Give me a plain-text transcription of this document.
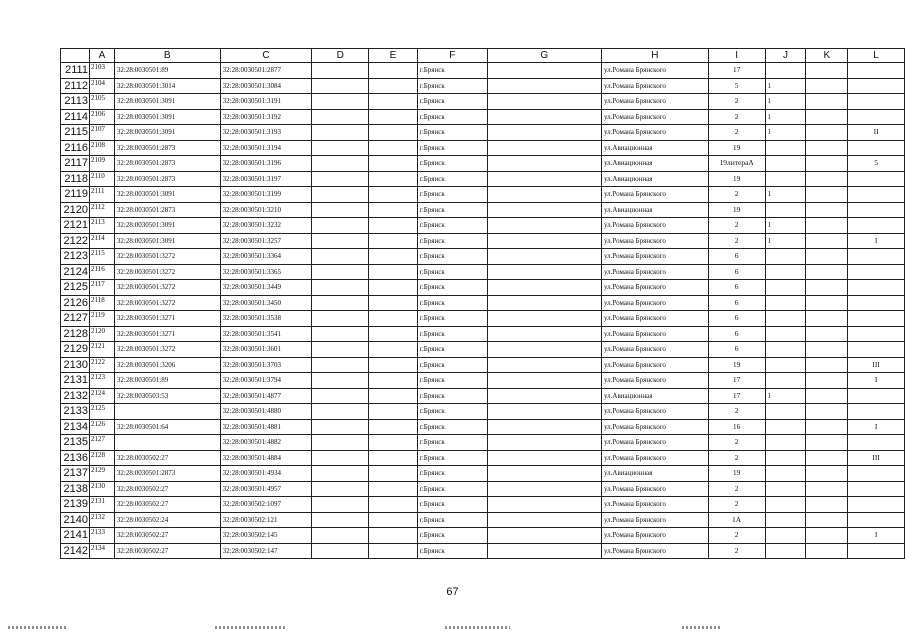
	A	B	C	D	E	F	G	H	I	J	K	L
2111	2103	32:28:0030501:89	32:28:0030501:2877			г.Брянск		ул.Романа Брянского	17			
2112	2104	32:28:0030501:3014	32:28:0030501:3084			г.Брянск		ул.Романа Брянского	5	1		
2113	2105	32:28:0030501:3091	32:28:0030501:3191			г.Брянск		ул.Романа Брянского	2	1		
2114	2106	32:28:0030501:3091	32:28:0030501:3192			г.Брянск		ул.Романа Брянского	2	1		
2115	2107	32:28:0030501:3091	32:28:0030501:3193			г.Брянск		ул.Романа Брянского	2	1		II
2116	2108	32:28:0030501:2873	32:28:0030501:3194			г.Брянск		ул.Авиационная	19			
2117	2109	32:28:0030501:2873	32:28:0030501:3196			г.Брянск		ул.Авиационная	19литераА			5
2118	2110	32:28:0030501:2873	32:28:0030501:3197			г.Брянск		ул.Авиационная	19			
2119	2111	32:28:0030501:3091	32:28:0030501:3199			г.Брянск		ул.Романа Брянского	2	1		
2120	2112	32:28:0030501:2873	32:28:0030501:3210			г.Брянск		ул.Авиационная	19			
2121	2113	32:28:0030501:3091	32:28:0030501:3232			г.Брянск		ул.Романа Брянского	2	1		
2122	2114	32:28:0030501:3091	32:28:0030501:3257			г.Брянск		ул.Романа Брянского	2	1		I
2123	2115	32:28:0030501:3272	32:28:0030501:3364			г.Брянск		ул.Романа Брянского	6			
2124	2116	32:28:0030501:3272	32:28:0030501:3365			г.Брянск		ул.Романа Брянского	6			
2125	2117	32:28:0030501:3272	32:28:0030501:3449			г.Брянск		ул.Романа Брянского	6			
2126	2118	32:28:0030501:3272	32:28:0030501:3450			г.Брянск		ул.Романа Брянского	6			
2127	2119	32:28:0030501:3271	32:28:0030501:3538			г.Брянск		ул.Романа Брянского	6			
2128	2120	32:28:0030501:3271	32:28:0030501:3541			г.Брянск		ул.Романа Брянского	6			
2129	2121	32:28:0030501:3272	32:28:0030501:3601			г.Брянск		ул.Романа Брянского	6			
2130	2122	32:28:0030501:3206	32:28:0030501:3703			г.Брянск		ул.Романа Брянского	19			III
2131	2123	32:28:0030501:89	32:28:0030501:3794			г.Брянск		ул.Романа Брянского	17			I
2132	2124	32:28:0030503:53	32:28:0030501:4877			г.Брянск		ул.Авиационная	17	1		
2133	2125		32:28:0030501:4880			г.Брянск		ул.Романа Брянского	2			
2134	2126	32:28:0030501:64	32:28:0030501:4881			г.Брянск		ул.Романа Брянского	16			I
2135	2127		32:28:0030501:4882			г.Брянск		ул.Романа Брянского	2			
2136	2128	32:28:0030502:27	32:28:0030501:4884			г.Брянск		ул.Романа Брянского	2			III
2137	2129	32:28:0030501:2873	32:28:0030501:4934			г.Брянск		ул.Авиационная	19			
2138	2130	32:28:0030502:27	32:28:0030501:4957			г.Брянск		ул.Романа Брянского	2			
2139	2131	32:28:0030502:27	32:28:0030502:1097			г.Брянск		ул.Романа Брянского	2			
2140	2132	32:28:0030502:24	32:28:0030502:121			г.Брянск		ул.Романа Брянского	1А			
2141	2133	32:28:0030502:27	32:28:0030502:145			г.Брянск		ул.Романа Брянского	2			I
2142	2134	32:28:0030502:27	32:28:0030502:147			г.Брянск		ул.Романа Брянского	2			
67
